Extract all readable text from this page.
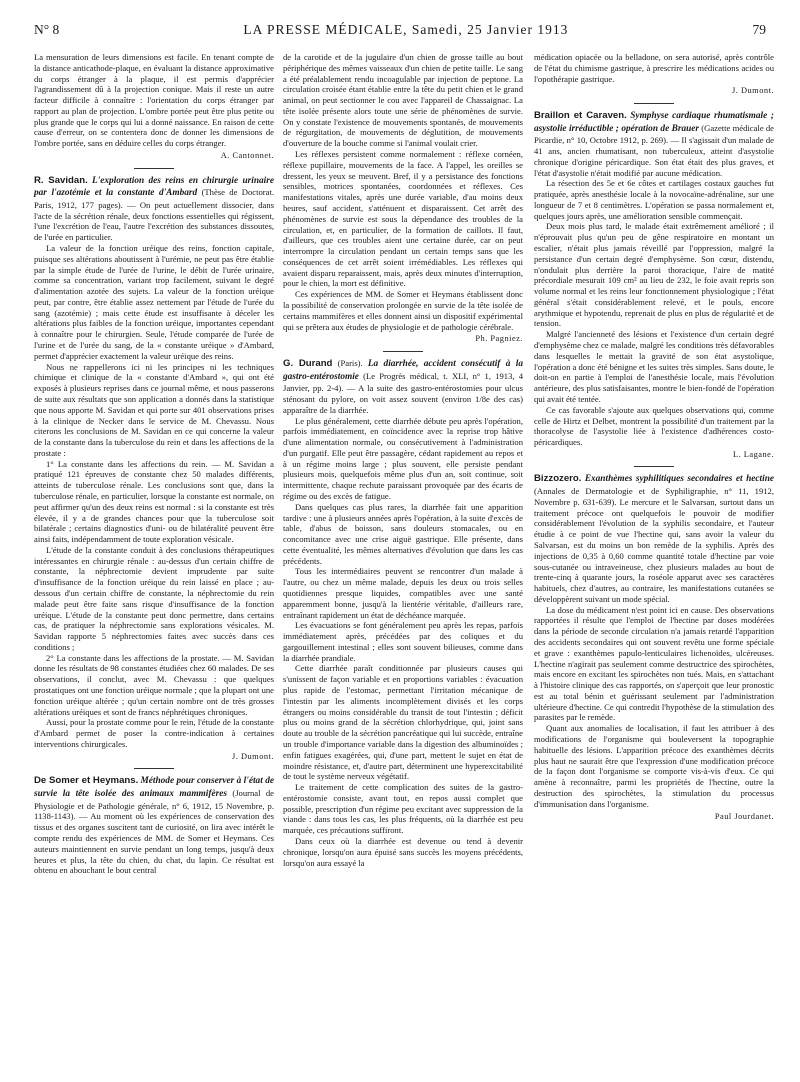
N° 8	LA PRESSE MÉDICALE, Samedi, 25 Janvier 1913	79

La mensuration de leurs dimensions est facile. En tenant compte de la distance anticathode-plaque, en évaluant la distance approximative du corps étranger à la plaque, il est permis d'apprécier l'agrandissement dû à la projection conique. Mais il reste un autre facteur difficile à connaître : l'orientation du corps étranger par rapport au plan de projection. L'ombre portée peut être plus petite ou plus grande que le corps qui lui a donné naissance. En raison de cette cause d'erreur, on se contentera donc de donner les dimensions de l'ombre portée, sans en déduire celles du corps étranger.

A. Cantonnet.

R. Savidan. L'exploration des reins en chirurgie urinaire par l'azotémie et la constante d'Ambard (Thèse de Doctorat. Paris, 1912, 177 pages). — On peut actuellement dissocier, dans l'acte de la sécrétion rénale, deux fonctions essentielles qui régissent, l'une l'excrétion de l'eau, l'autre l'excrétion des substances dissoutes, de l'urée en particulier.

La valeur de la fonction uréique des reins, fonction capitale, puisque ses altérations aboutissent à l'urémie, ne peut pas être établie par la simple étude de l'urée de l'urine, le débit de l'urée urinaire, comme sa concentration, variant trop facilement, suivant le degré d'alimentation azotée des sujets. La valeur de la fonction uréique peut, par contre, être établie assez nettement par l'étude de l'urée du sang (azotémie) ; mais cette étude est insuffisante à déceler les altérations plus faibles de la fonction uréique, importantes cependant à connaître pour le chirurgien. Seule, l'étude comparée de l'urée de l'urine et de l'urée du sang, de la « constante uréique » d'Ambard, permet d'apprécier exactement la valeur uréique des reins.

Nous ne rappellerons ici ni les principes ni les techniques chimique et clinique de la « constante d'Ambard », qui ont été exposés à plusieurs reprises dans ce journal même, et nous passerons de suite aux résultats que son application a donnés dans la statistique que nous apporte M. Savidan et qui porte sur 401 observations prises à la clinique de Necker dans le service de M. Chevassu. Nous citerons les conclusions de M. Savidan en ce qui concerne la valeur de la constante dans la tuberculose du rein et dans les affections de la prostate :

1° La constante dans les affections du rein. — M. Savidan a pratiqué 121 épreuves de constante chez 50 malades différents, atteints de tuberculose rénale. Les conclusions sont que, dans la tuberculose rénale, en particulier, lorsque la constante est normale, on peut affirmer qu'un des deux reins est normal : si la constante est très élevée, il y a de grandes chances pour que la tuberculose soit bilatérale ; certains diagnostics d'uni- ou de bilatéralité peuvent être ainsi faits, indépendamment de toute exploration vésicale.

L'étude de la constante conduit à des conclusions thérapeutiques intéressantes en chirurgie rénale : au-dessus d'un certain chiffre de constante, la néphrectomie devient imprudente par suite d'insuffisance de la fonction uréique du rein laissé en place ; au-dessous d'un certain chiffre de constante, la néphrectomie du rein malade peut être faite sans risque d'insuffisance de la fonction uréique. L'étude de la constante peut donc permettre, dans certains cas, de pratiquer la néphrectomie sans explorations vésicales. M. Savidan rapporte 5 néphrectomies faites avec succès dans ces conditions ;

2° La constante dans les affections de la prostate. — M. Savidan donne les résultats de 98 constantes étudiées chez 60 malades. De ses observations, il conclut, avec M. Chevassu : que quelques prostatiques ont une fonction uréique normale ; que la plupart ont une fonction uréique altérée ; qu'un certain nombre ont de très grosses altérations uréiques et sont de francs néphrétiques chroniques.

Aussi, pour la prostate comme pour le rein, l'étude de la constante d'Ambard permet de poser la contre-indication à certaines interventions chirurgicales.

J. Dumont.

De Somer et Heymans. Méthode pour conserver à l'état de survie la tête isolée des animaux mammifères (Journal de Physiologie et de Pathologie générale, n° 6, 1912, 15 Novembre, p. 1138-1143). — Au moment où les expériences de conservation des tissus et des organes suscitent tant de curiosité, on lira avec intérêt le compte rendu des expériences de MM. de Somer et Heymans. Ces auteurs maintiennent en survie pendant un long temps, jusqu'à deux heures et plus, la tête du chien, du chat, du lapin. Ce résultat est obtenu en abouchant le bout central

de la carotide et de la jugulaire d'un chien de grosse taille au bout périphérique des mêmes vaisseaux d'un chien de petite taille. Le sang a été préalablement rendu incoagulable par injection de peptone. La circulation croisée étant établie entre la tête du petit chien et le grand animal, on peut sectionner le cou avec l'appareil de Chassaignac. La tête isolée présente alors toute une série de phénomènes de survie. On y constate l'existence de mouvements spontanés, de mouvements de régurgitation, de mouvements de déglutition, de mouvements d'ouverture de la bouche comme si l'animal voulait crier.

Les réflexes persistent comme normalement : réflexe cornéen, réflexe pupillaire, mouvements de la face. A l'appel, les oreilles se dressent, les yeux se meuvent. Bref, il y a persistance des fonctions sensibles, motrices spontanées, coordonnées et réflexes. Ces manifestations vitales, après une durée variable, d'au moins deux heures, sauf accident, s'atténuent et disparaissent. Cet arrêt des phénomènes de survie est sous la dépendance des troubles de la circulation, et, en particulier, de la formation de caillots. Il faut, d'ailleurs, que ces troubles aient une certaine durée, car on peut interrompre la circulation pendant un certain temps sans que les conséquences de cet arrêt soient irrémédiables. Les réflexes qui avaient disparu reparaissent, mais, après deux minutes d'interruption, pour le chien, la mort est définitive.

Ces expériences de MM. de Somer et Heymans établissent donc la possibilité de conservation prolongée en survie de la tête isolée de certains mammifères et elles donnent ainsi un dispositif expérimental qui se prêtera aux études de physiologie et de pathologie cérébrale.

Ph. Pagniez.

G. Durand (Paris). La diarrhée, accident consécutif à la gastro-entérostomie (Le Progrès médical, t. XLI, n° 1, 1913, 4 Janvier, pp. 2-4). — A la suite des gastro-entérostomies pour ulcus sténosant du pylore, on voit assez souvent (environ 1/8e des cas) apparaître de la diarrhée.

Le plus généralement, cette diarrhée débute peu après l'opération, parfois immédiatement, en coïncidence avec la reprise trop hâtive d'une alimentation normale, ou consécutivement à l'administration d'un purgatif. Elle peut être passagère, cédant rapidement au repos et à un régime moins large ; plus souvent, elle persiste pendant plusieurs mois, quelquefois même plus d'un an, soit continue, soit intermittente, chaque rechute paraissant provoquée par des écarts de régime ou des excès de fatigue.

Dans quelques cas plus rares, la diarrhée fait une apparition tardive : une à plusieurs années après l'opération, à la suite d'excès de table, d'abus de boisson, sans douleurs stomacales, ou en concomitance avec une crise aiguë gastrique. Elle présente, dans cette éventualité, les mêmes alternatives d'évolution que dans les cas précédents.

Tous les intermédiaires peuvent se rencontrer d'un malade à l'autre, ou chez un même malade, depuis les deux ou trois selles quotidiennes presque liquides, compatibles avec une santé apparemment bonne, jusqu'à la lientérie véritable, d'ailleurs rare, entraînant rapidement un état de déchéance marquée.

Les évacuations se font généralement peu après les repas, parfois immédiatement après, précédées par des coliques et du gargouillement intestinal ; elles sont souvent bilieuses, comme dans la diarrhée prandiale.

Cette diarrhée paraît conditionnée par plusieurs causes qui s'unissent de façon variable et en proportions variables : évacuation plus rapide de l'estomac, permettant l'irritation mécanique de l'intestin par les aliments incomplètement divisés et les corps étrangers ou moins considérable du transit de tout l'intestin ; déficit plus ou moins grand de la sécrétion chlorhydrique, qui, joint sans doute au trouble de la sécrétion pancréatique qui lui succède, entraîne un trouble d'importance variable dans la digestion des albuminoïdes ; enfin fatigues exagérées, qui, d'une part, mettent le sujet en état de moindre résistance, et, d'autre part, déterminent une hyperexcitabilité de tout le système nerveux végétatif.

Le traitement de cette complication des suites de la gastro-entérostomie consiste, avant tout, en repos aussi complet que possible, prescription d'un régime peu excitant avec suppression de la viande : dans tous les cas, les plus fréquents, où la diarrhée est peu marquée, ces précautions suffiront.

Dans ceux où la diarrhée est devenue ou tend à devenir chronique, lorsqu'on aura épuisé sans succès les moyens précédents, lorsqu'on aura essayé la

médication opiacée ou la belladone, on sera autorisé, après contrôle de l'état du chimisme gastrique, à prescrire les médications acides ou l'opothérapie gastrique.

J. Dumont.

Braillon et Caraven. Symphyse cardiaque rhumatismale ; asystolie irréductible ; opération de Brauer (Gazette médicale de Picardie, n° 10, Octobre 1912, p. 269). — Il s'agissait d'un malade de 41 ans, ancien rhumatisant, non tuberculeux, atteint d'asystolie chronique d'origine péricardique. Son état était des plus graves, et l'état d'asystolie n'était modifié par aucune médication.

La résection des 5e et 6e côtes et cartilages costaux gauches fut pratiquée, après anesthésie locale à la novocaïne-adrénaline, sur une longueur de 7 et 8 centimètres. L'opération se passa normalement et, quelques jours après, une amélioration sensible commençait.

Deux mois plus tard, le malade était extrêmement amélioré ; il n'éprouvait plus qu'un peu de gêne respiratoire en montant un escalier, n'était plus jamais réveillé par l'oppression, malgré la persistance d'un certain degré d'emphysème. Son cœur, distendu, n'ondulait plus derrière la paroi thoracique, l'aire de matité précordiale mesurait 109 cm² au lieu de 232, le foie avait repris son volume normal et les reins leur fonctionnement physiologique ; l'état général s'était considérablement relevé, et le pouls, encore arythmique et hypotendu, reprenait de plus en plus de régularité et de tension.

Malgré l'ancienneté des lésions et l'existence d'un certain degré d'emphysème chez ce malade, malgré les conditions très défavorables dans lesquelles le mettait la gravité de son état asystolique, l'opération a donc été bénigne et les suites très simples. Sans doute, le doit-on en partie à l'emploi de l'anesthésie locale, mais l'évolution antérieure, des plus satisfaisantes, montre le bien-fondé de l'opération qui avait été tentée.

Ce cas favorable s'ajoute aux quelques observations qui, comme celle de Hirtz et Delbet, montrent la possibilité d'un traitement par la thoracolyse de l'asystolie liée à l'existence d'adhérences costo-péricardiques.

L. Lagane.

Bizzozero. Exanthèmes syphilitiques secondaires et hectine (Annales de Dermatologie et de Syphiligraphie, n° 11, 1912, Novembre p. 631-639). Le mercure et le Salvarsan, surtout dans un traitement précoce ont quelquefois le pouvoir de modifier considérablement l'évolution de la syphilis secondaire, et l'auteur étudie à ce point de vue l'hectine qui, sans avoir la valeur du Salvarsan, est du moins un bon remède de la syphilis. Après des injections de 0,35 à 0,60 comme quantité totale d'hectine par voie sous-cutanée ou intraveineuse, chez plusieurs malades au bout de trente-cinq à quarante jours, la roséole apparut avec ses caractères habituels, chez d'autres, au contraire, les manifestations cutanées se développèrent suivant un mode spécial.

La dose du médicament n'est point ici en cause. Des observations rapportées il résulte que l'emploi de l'hectine par doses modérées dans la période de seconde circulation n'a jamais retardé l'apparition des accidents secondaires qui ont souvent revêtu une forme spéciale et grave : exanthèmes papulo-lenticulaires lichenoïdes, ulcéreuses. L'hectine n'agirait pas seulement comme destructrice des spirochètes, mais encore en excitant les spirochètes non tués. Mais, en s'attachant à l'histoire clinique des cas rapportés, on s'aperçoit que leur pronostic est au total bénin et guérissant seulement par l'administration ultérieure d'hectine. Ce qui contredit l'hypothèse de la stimulation des parasites par le remède.

Quant aux anomalies de localisation, il faut les attribuer à des modifications de l'organisme qui bouleversent la topographie habituelle des lésions. L'apparition précoce des exanthèmes décrits plus haut ne saurait être que l'expression d'une modification précoce de la façon dont l'organisme se comporte vis-à-vis d'eux. Ce qui amène à reconnaître, parmi les propriétés de l'hectine, outre la destruction des spirochètes, la stimulation du processus d'immunisation dans l'organisme.

Paul Jourdanet.
